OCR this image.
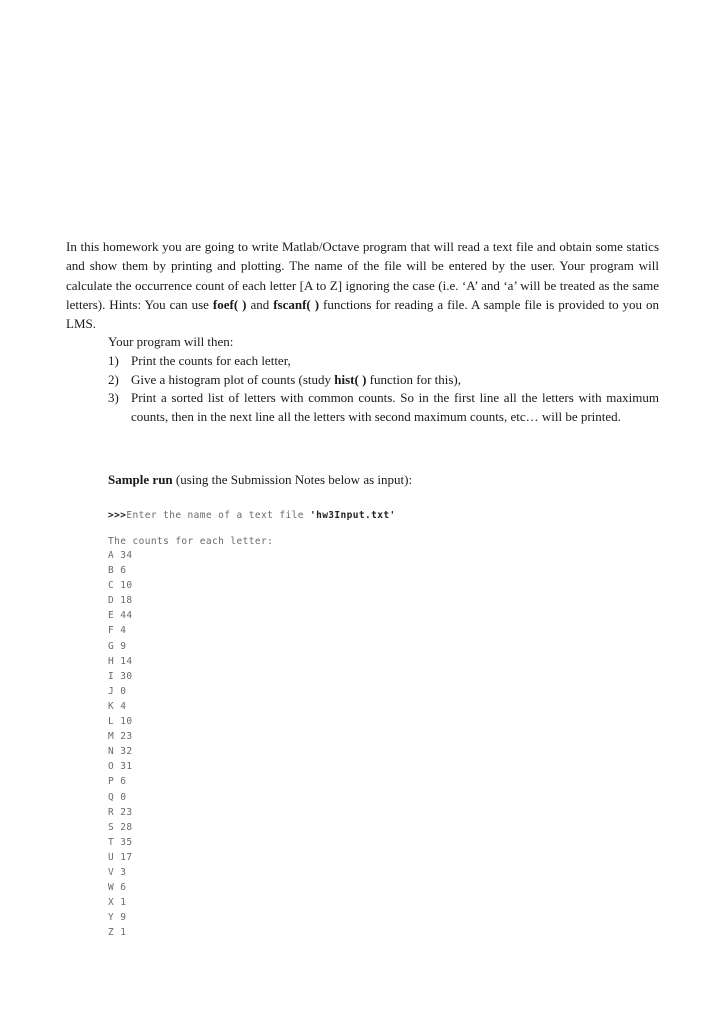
In this homework you are going to write Matlab/Octave program that will read a text file and obtain some statics and show them by printing and plotting. The name of the file will be entered by the user. Your program will calculate the occurrence count of each letter [A to Z] ignoring the case (i.e. ‘A’ and ‘a’ will be treated as the same letters). Hints: You can use foef( ) and fscanf( ) functions for reading a file. A sample file is provided to you on LMS.

Your program will then:

1) Print the counts for each letter,
2) Give a histogram plot of counts (study hist( ) function for this),
3) Print a sorted list of letters with common counts. So in the first line all the letters with maximum counts, then in the next line all the letters with second maximum counts, etc… will be printed.

Sample run (using the Submission Notes below as input):

>>>Enter the name of a text file 'hw3Input.txt'
The counts for each letter:
A 34
B 6
C 10
D 18
E 44
F 4
G 9
H 14
I 30
J 0
K 4
L 10
M 23
N 32
O 31
P 6
Q 0
R 23
S 28
T 35
U 17
V 3
W 6
X 1
Y 9
Z 1
